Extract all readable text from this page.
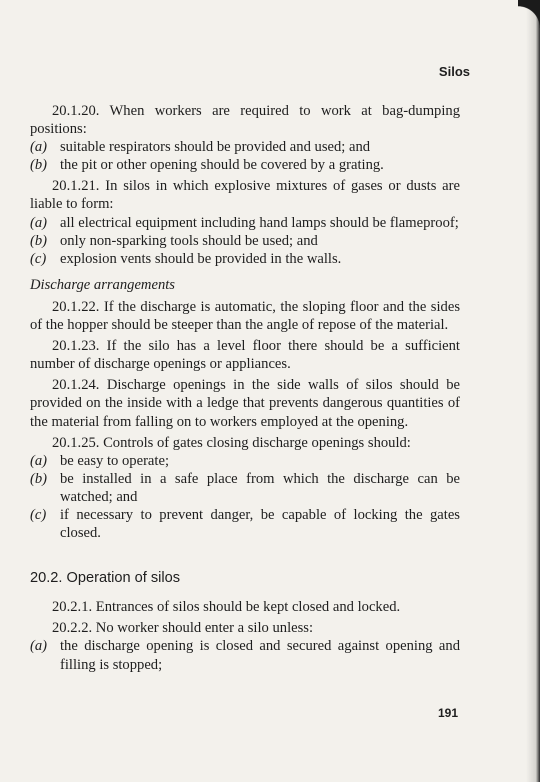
Silos

20.1.20. When workers are required to work at bag-dumping positions:

(a) suitable respirators should be provided and used; and
(b) the pit or other opening should be covered by a grating.

20.1.21. In silos in which explosive mixtures of gases or dusts are liable to form:

(a) all electrical equipment including hand lamps should be flameproof;
(b) only non-sparking tools should be used; and
(c) explosion vents should be provided in the walls.
Discharge arrangements

20.1.22. If the discharge is automatic, the sloping floor and the sides of the hopper should be steeper than the angle of repose of the material.

20.1.23. If the silo has a level floor there should be a sufficient number of discharge openings or appliances.

20.1.24. Discharge openings in the side walls of silos should be provided on the inside with a ledge that prevents dangerous quantities of the material from falling on to workers employed at the opening.

20.1.25. Controls of gates closing discharge openings should:

(a) be easy to operate;
(b) be installed in a safe place from which the discharge can be watched; and
(c) if necessary to prevent danger, be capable of locking the gates closed.
20.2. Operation of silos

20.2.1. Entrances of silos should be kept closed and locked.

20.2.2. No worker should enter a silo unless:

(a) the discharge opening is closed and secured against opening and filling is stopped;
191
